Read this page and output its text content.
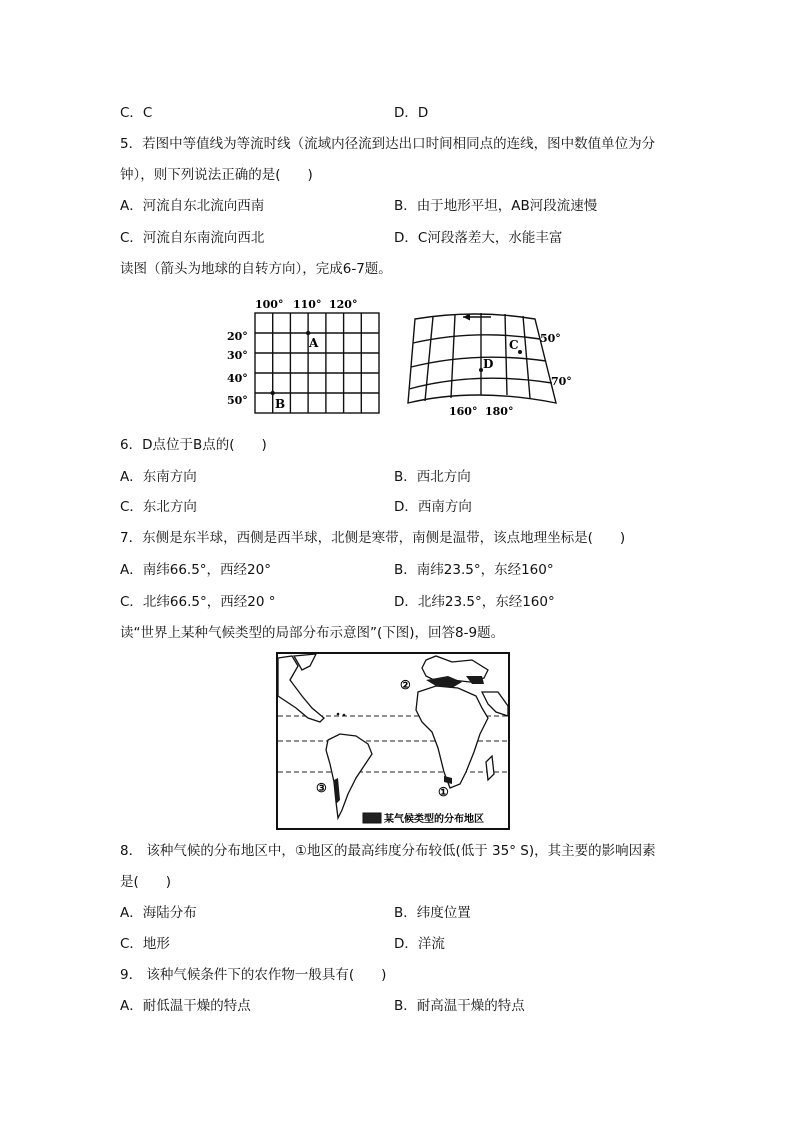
C．C	D．D
5．若图中等值线为等流时线（流域内径流到达出口时间相同点的连线，图中数值单位为分
钟），则下列说法正确的是(　　)
A．河流自东北流向西南	B．由于地形平坦，AB河段流速慢
C．河流自东南流向西北	D．C河段落差大，水能丰富
读图（箭头为地球的自转方向），完成6-7题。
100° 110° 120°
20°
30°
40°
50°
A
B
50°
70°
160° 180°
C
D
6．D点位于B点的(　　)
A．东南方向	B．西北方向
C．东北方向	D．西南方向
7．东侧是东半球，西侧是西半球，北侧是寒带，南侧是温带，该点地理坐标是(　　)
A．南纬66.5°，西经20°	B．南纬23.5°，东经160°
C．北纬66.5°，西经20 °	D．北纬23.5°，东经160°
读“世界上某种气候类型的局部分布示意图”(下图)，回答8-9题。
②
①
③
某气候类型的分布地区
8． 该种气候的分布地区中，①地区的最高纬度分布较低(低于 35° S)，其主要的影响因素
是(　　)
A．海陆分布	B．纬度位置
C．地形	D．洋流
9． 该种气候条件下的农作物一般具有(　　)
A．耐低温干燥的特点	B．耐高温干燥的特点
